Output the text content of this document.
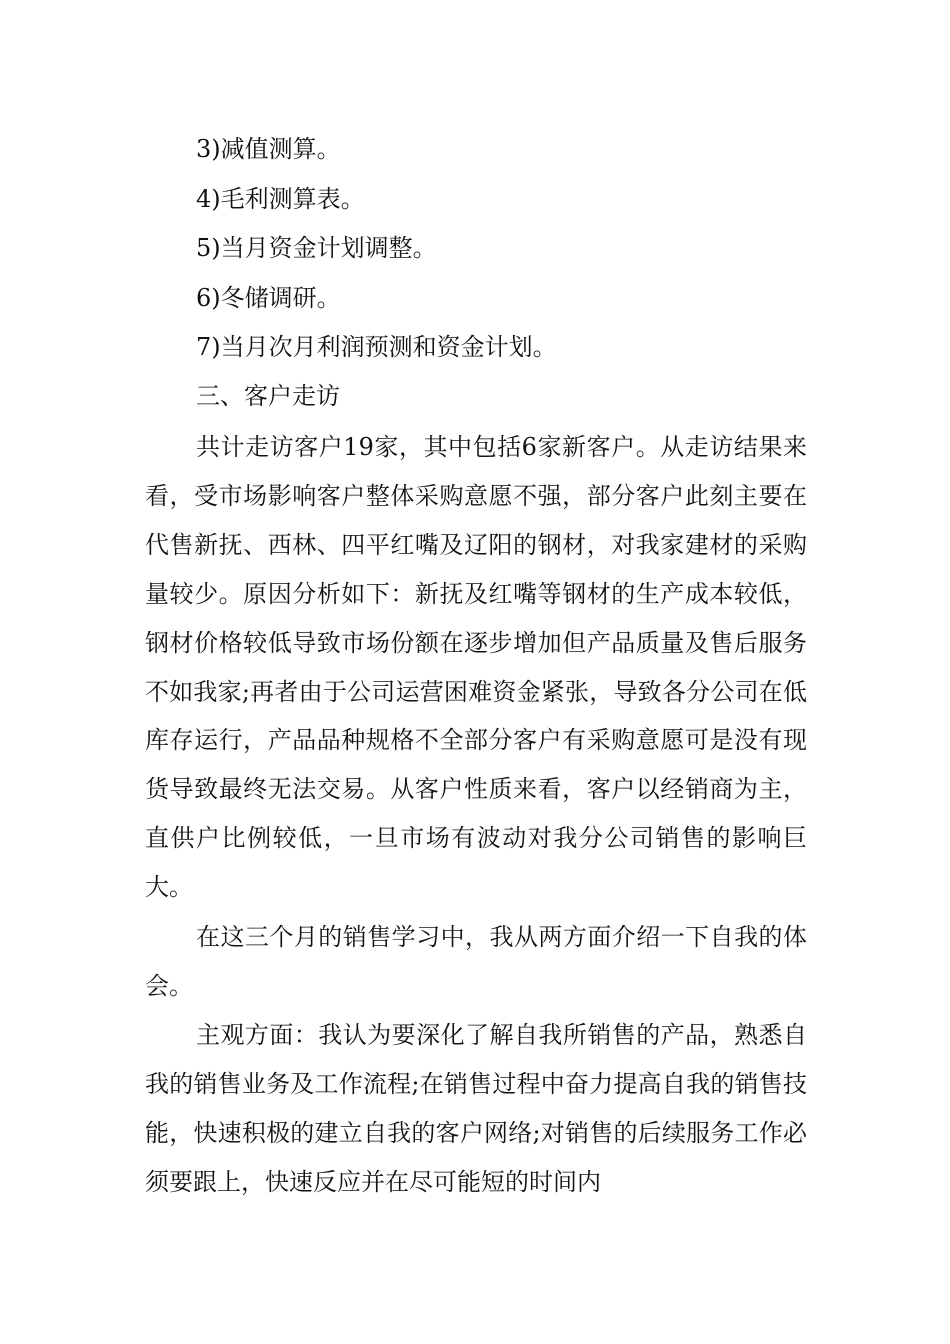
3)减值测算。
4)毛利测算表。
5)当月资金计划调整。
6)冬储调研。
7)当月次月利润预测和资金计划。
三、客户走访

共计走访客户19家，其中包括6家新客户。从走访结果来看，受市场影响客户整体采购意愿不强，部分客户此刻主要在代售新抚、西林、四平红嘴及辽阳的钢材，对我家建材的采购量较少。原因分析如下：新抚及红嘴等钢材的生产成本较低，钢材价格较低导致市场份额在逐步增加但产品质量及售后服务不如我家;再者由于公司运营困难资金紧张，导致各分公司在低库存运行，产品品种规格不全部分客户有采购意愿可是没有现货导致最终无法交易。从客户性质来看，客户以经销商为主，直供户比例较低，一旦市场有波动对我分公司销售的影响巨大。

在这三个月的销售学习中，我从两方面介绍一下自我的体会。

主观方面：我认为要深化了解自我所销售的产品，熟悉自我的销售业务及工作流程;在销售过程中奋力提高自我的销售技能，快速积极的建立自我的客户网络;对销售的后续服务工作必须要跟上，快速反应并在尽可能短的时间内
